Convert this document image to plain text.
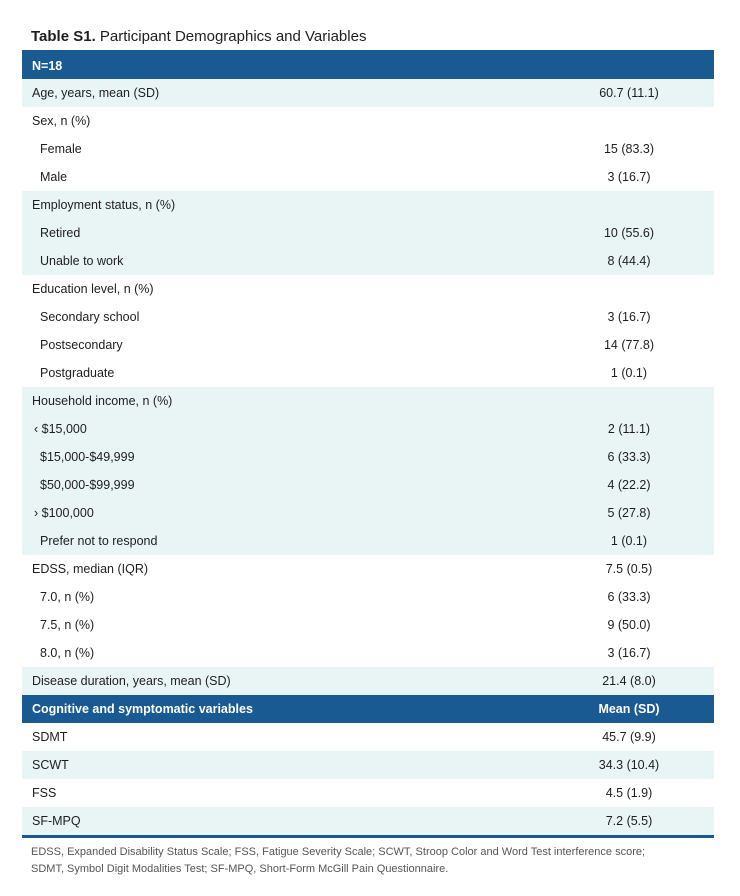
Table S1. Participant Demographics and Variables
N=18
Age, years, mean (SD)	60.7 (11.1)
Sex, n (%)
Female	15 (83.3)
Male	3 (16.7)
Employment status, n (%)
Retired	10 (55.6)
Unable to work	8 (44.4)
Education level, n (%)
Secondary school	3 (16.7)
Postsecondary	14 (77.8)
Postgraduate	1 (0.1)
Household income, n (%)
‹ $15,000	2 (11.1)
$15,000-$49,999	6 (33.3)
$50,000-$99,999	4 (22.2)
› $100,000	5 (27.8)
Prefer not to respond	1 (0.1)
EDSS, median (IQR)	7.5 (0.5)
7.0, n (%)	6 (33.3)
7.5, n (%)	9 (50.0)
8.0, n (%)	3 (16.7)
Disease duration, years, mean (SD)	21.4 (8.0)
Cognitive and symptomatic variables	Mean (SD)
SDMT	45.7 (9.9)
SCWT	34.3 (10.4)
FSS	4.5 (1.9)
SF-MPQ	7.2 (5.5)
EDSS, Expanded Disability Status Scale; FSS, Fatigue Severity Scale; SCWT, Stroop Color and Word Test interference score;
SDMT, Symbol Digit Modalities Test; SF-MPQ, Short-Form McGill Pain Questionnaire.
